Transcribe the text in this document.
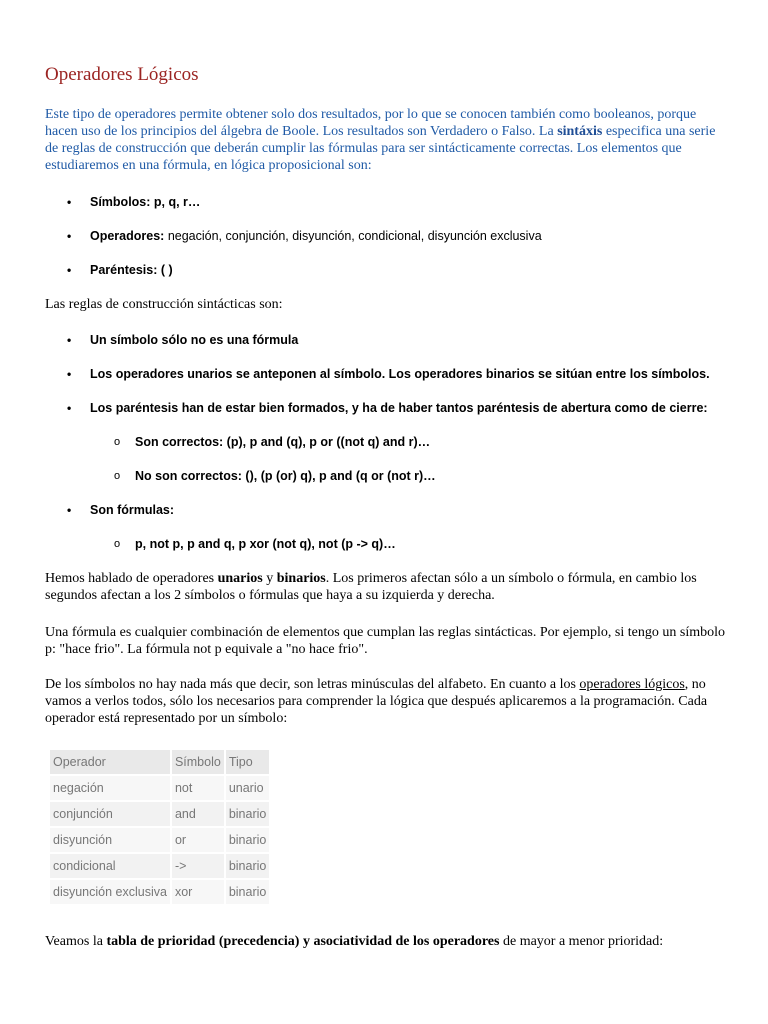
Operadores Lógicos

Este tipo de operadores permite obtener solo dos resultados, por lo que se conocen también como booleanos, porque hacen uso de los principios del álgebra de Boole. Los resultados son Verdadero o Falso. La sintáxis especifica una serie de reglas de construcción que deberán cumplir las fórmulas para ser sintácticamente correctas. Los elementos que estudiaremos en una fórmula, en lógica proposicional son:

• Símbolos: p, q, r…
• Operadores: negación, conjunción, disyunción, condicional, disyunción exclusiva
• Paréntesis: ( )

Las reglas de construcción sintácticas son:

• Un símbolo sólo no es una fórmula
• Los operadores unarios se anteponen al símbolo. Los operadores binarios se sitúan entre los símbolos.
• Los paréntesis han de estar bien formados, y ha de haber tantos paréntesis de abertura como de cierre:
o Son correctos: (p), p and (q), p or ((not q) and r)…
o No son correctos: (), (p (or) q), p and (q or (not r)…
• Son fórmulas:
o p, not p, p and q, p xor (not q), not (p -> q)…

Hemos hablado de operadores unarios y binarios. Los primeros afectan sólo a un símbolo o fórmula, en cambio los segundos afectan a los 2 símbolos o fórmulas que haya a su izquierda y derecha.

Una fórmula es cualquier combinación de elementos que cumplan las reglas sintácticas. Por ejemplo, si tengo un símbolo p: "hace frio". La fórmula not p equivale a "no hace frio".

De los símbolos no hay nada más que decir, son letras minúsculas del alfabeto. En cuanto a los operadores lógicos, no vamos a verlos todos, sólo los necesarios para comprender la lógica que después aplicaremos a la programación. Cada operador está representado por un símbolo:

Operador	Símbolo	Tipo
negación	not	unario
conjunción	and	binario
disyunción	or	binario
condicional	->	binario
disyunción exclusiva	xor	binario

Veamos la tabla de prioridad (precedencia) y asociatividad de los operadores de mayor a menor prioridad:
